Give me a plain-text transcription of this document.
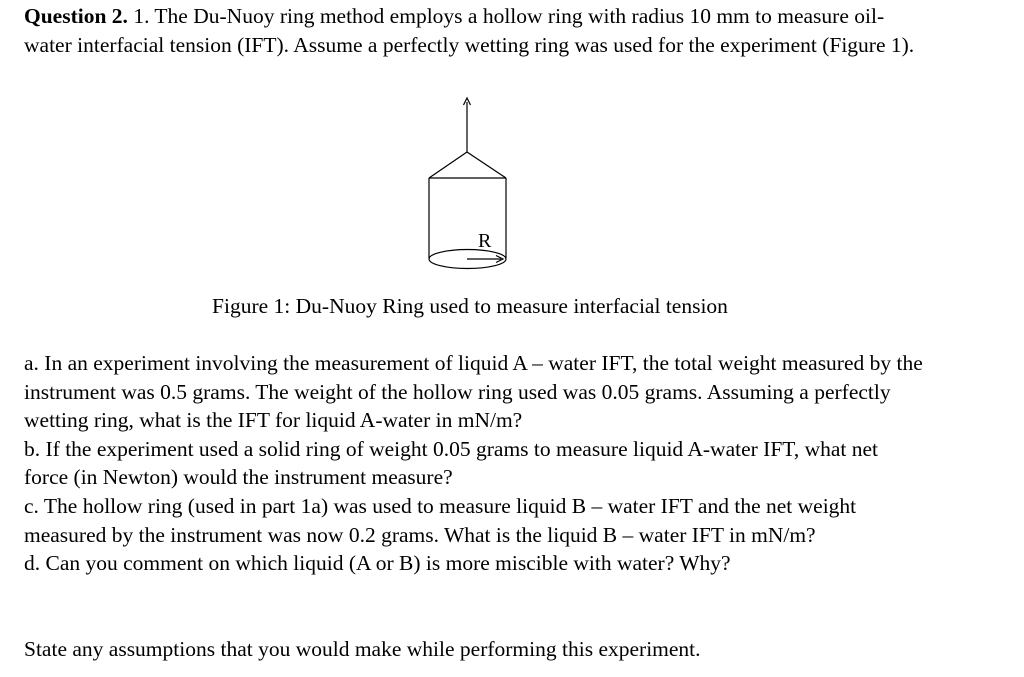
Question 2. 1. The Du-Nuoy ring method employs a hollow ring with radius 10 mm to measure oil-water interfacial tension (IFT). Assume a perfectly wetting ring was used for the experiment (Figure 1).

R
Figure 1: Du-Nuoy Ring used to measure interfacial tension

a. In an experiment involving the measurement of liquid A – water IFT, the total weight measured by the instrument was 0.5 grams. The weight of the hollow ring used was 0.05 grams. Assuming a perfectly wetting ring, what is the IFT for liquid A-water in mN/m?
b. If the experiment used a solid ring of weight 0.05 grams to measure liquid A-water IFT, what net force (in Newton) would the instrument measure?
c. The hollow ring (used in part 1a) was used to measure liquid B – water IFT and the net weight measured by the instrument was now 0.2 grams. What is the liquid B – water IFT in mN/m?
d. Can you comment on which liquid (A or B) is more miscible with water? Why?

State any assumptions that you would make while performing this experiment.
